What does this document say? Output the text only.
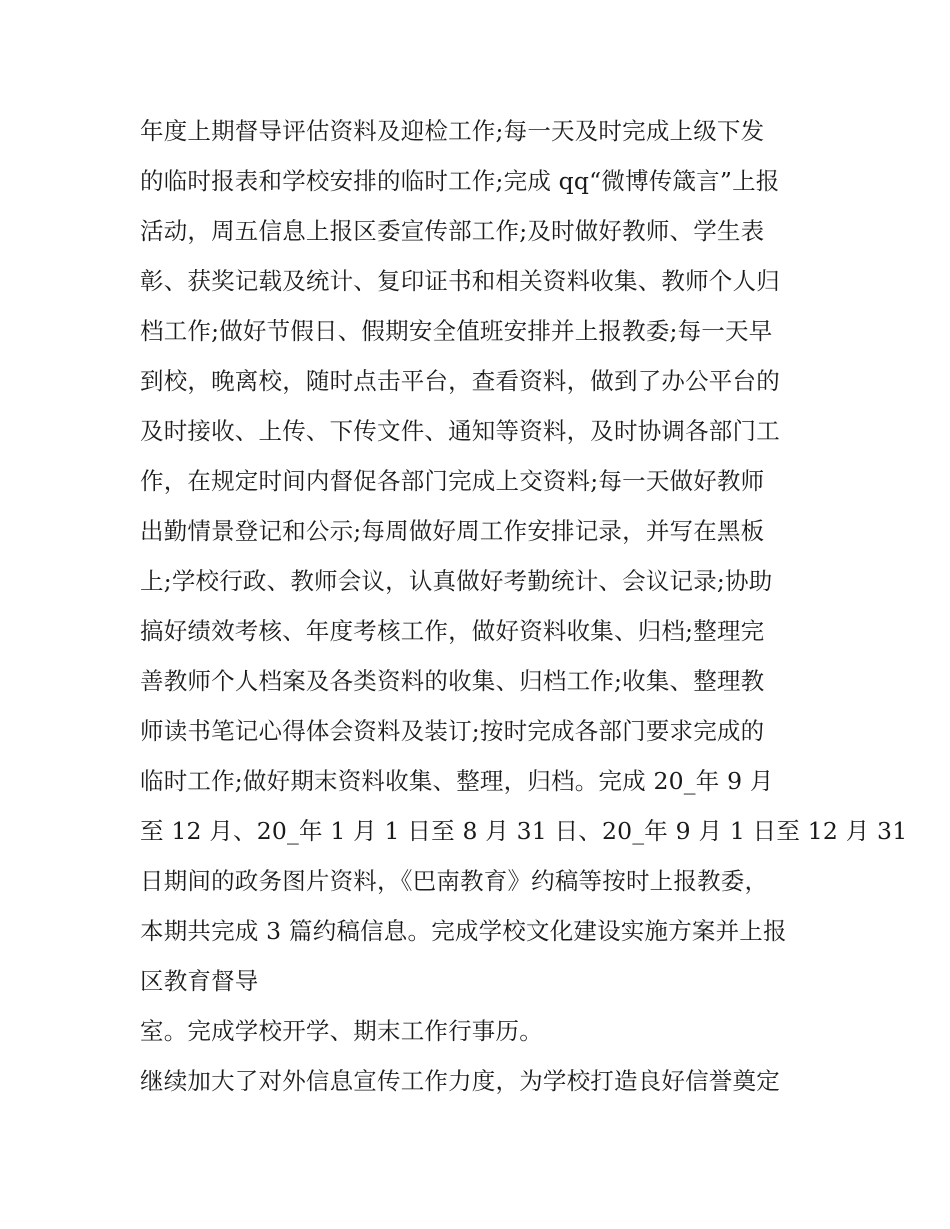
年度上期督导评估资料及迎检工作;每一天及时完成上级下发
的临时报表和学校安排的临时工作;完成 qq“微博传箴言”上报
活动，周五信息上报区委宣传部工作;及时做好教师、学生表
彰、获奖记载及统计、复印证书和相关资料收集、教师个人归
档工作;做好节假日、假期安全值班安排并上报教委;每一天早
到校，晚离校，随时点击平台，查看资料，做到了办公平台的
及时接收、上传、下传文件、通知等资料，及时协调各部门工
作，在规定时间内督促各部门完成上交资料;每一天做好教师
出勤情景登记和公示;每周做好周工作安排记录，并写在黑板
上;学校行政、教师会议，认真做好考勤统计、会议记录;协助
搞好绩效考核、年度考核工作，做好资料收集、归档;整理完
善教师个人档案及各类资料的收集、归档工作;收集、整理教
师读书笔记心得体会资料及装订;按时完成各部门要求完成的
临时工作;做好期末资料收集、整理，归档。完成 20_年 9 月
至 12 月、20_年 1 月 1 日至 8 月 31 日、20_年 9 月 1 日至 12 月 31
日期间的政务图片资料，《巴南教育》约稿等按时上报教委，
本期共完成 3 篇约稿信息。完成学校文化建设实施方案并上报
区教育督导
室。完成学校开学、期末工作行事历。
继续加大了对外信息宣传工作力度，为学校打造良好信誉奠定
